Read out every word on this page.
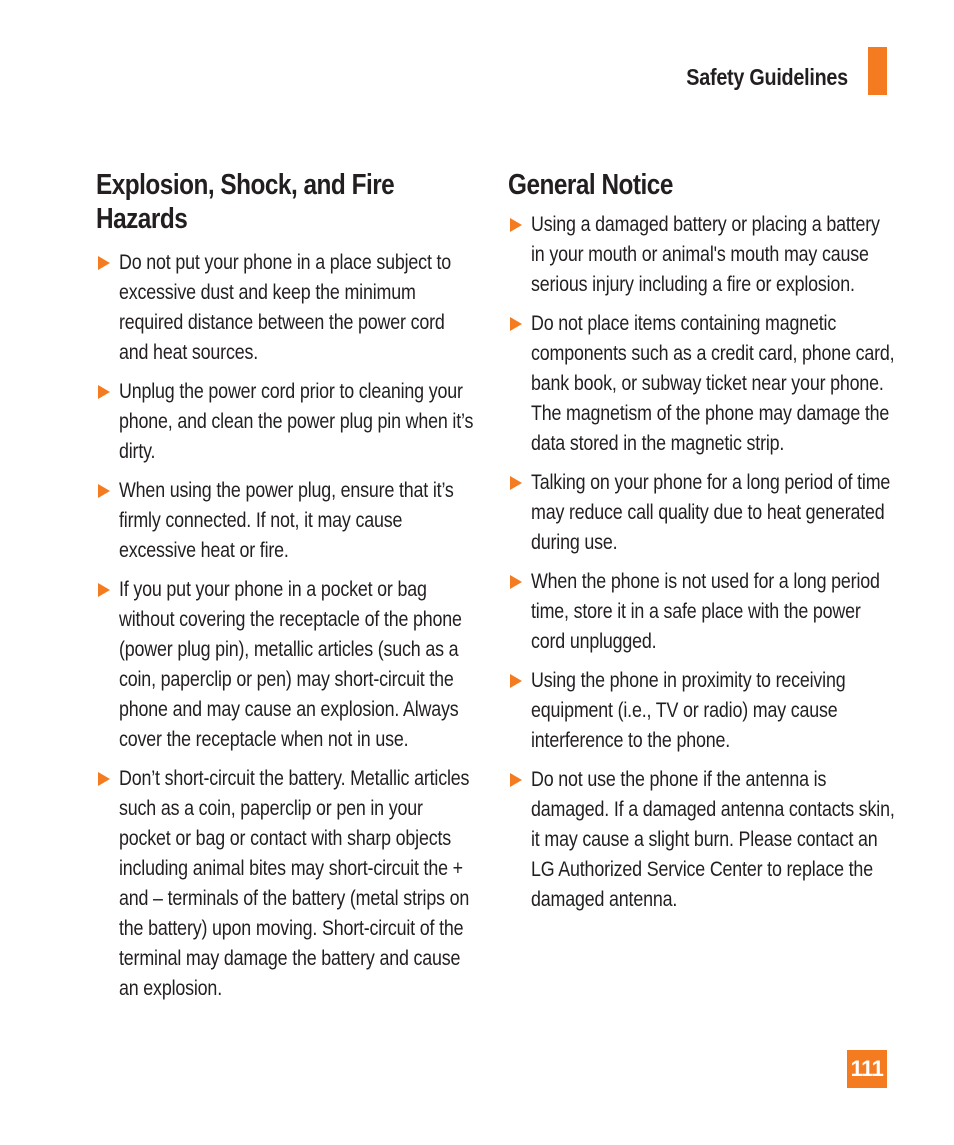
Safety Guidelines
Explosion, Shock, and Fire Hazards
Do not put your phone in a place subject to excessive dust and keep the minimum required distance between the power cord and heat sources.
Unplug the power cord prior to cleaning your phone, and clean the power plug pin when it’s dirty.
When using the power plug, ensure that it’s firmly connected. If not, it may cause excessive heat or fire.
If you put your phone in a pocket or bag without covering the receptacle of the phone (power plug pin), metallic articles (such as a coin, paperclip or pen) may short-circuit the phone and may cause an explosion. Always cover the receptacle when not in use.
Don’t short-circuit the battery. Metallic articles such as a coin, paperclip or pen in your pocket or bag or contact with sharp objects including animal bites may short-circuit the + and – terminals of the battery (metal strips on the battery) upon moving. Short-circuit of the terminal may damage the battery and cause an explosion.
General Notice
Using a damaged battery or placing a battery in your mouth or animal's mouth may cause serious injury including a fire or explosion.
Do not place items containing magnetic components such as a credit card, phone card, bank book, or subway ticket near your phone. The magnetism of the phone may damage the data stored in the magnetic strip.
Talking on your phone for a long period of time may reduce call quality due to heat generated during use.
When the phone is not used for a long period time, store it in a safe place with the power cord unplugged.
Using the phone in proximity to receiving equipment (i.e., TV or radio) may cause interference to the phone.
Do not use the phone if the antenna is damaged. If a damaged antenna contacts skin, it may cause a slight burn. Please contact an LG Authorized Service Center to replace the damaged antenna.
111
